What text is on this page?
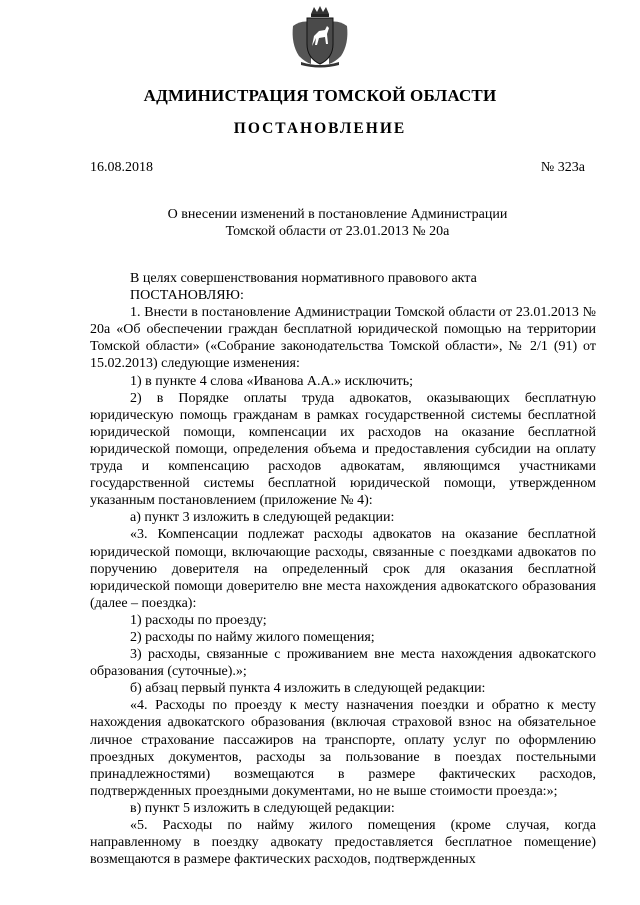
АДМИНИСТРАЦИЯ ТОМСКОЙ ОБЛАСТИ
ПОСТАНОВЛЕНИЕ
16.08.2018	№ 323а
О внесении изменений в постановление Администрации
Томской области от 23.01.2013 № 20а

В целях совершенствования нормативного правового акта

ПОСТАНОВЛЯЮ:

1. Внести в постановление Администрации Томской области от 23.01.2013 № 20а «Об обеспечении граждан бесплатной юридической помощью на территории Томской области» («Собрание законодательства Томской области», № 2/1 (91) от 15.02.2013) следующие изменения:

1) в пункте 4 слова «Иванова А.А.» исключить;

2) в Порядке оплаты труда адвокатов, оказывающих бесплатную юридическую помощь гражданам в рамках государственной системы бесплатной юридической помощи, компенсации их расходов на оказание бесплатной юридической помощи, определения объема и предоставления субсидии на оплату труда и компенсацию расходов адвокатам, являющимся участниками государственной системы бесплатной юридической помощи, утвержденном указанным постановлением (приложение № 4):

а) пункт 3 изложить в следующей редакции:

«3. Компенсации подлежат расходы адвокатов на оказание бесплатной юридической помощи, включающие расходы, связанные с поездками адвокатов по поручению доверителя на определенный срок для оказания бесплатной юридической помощи доверителю вне места нахождения адвокатского образования (далее – поездка):

1) расходы по проезду;

2) расходы по найму жилого помещения;

3) расходы, связанные с проживанием вне места нахождения адвокатского образования (суточные).»;

б) абзац первый пункта 4 изложить в следующей редакции:

«4. Расходы по проезду к месту назначения поездки и обратно к месту нахождения адвокатского образования (включая страховой взнос на обязательное личное страхование пассажиров на транспорте, оплату услуг по оформлению проездных документов, расходы за пользование в поездах постельными принадлежностями) возмещаются в размере фактических расходов, подтвержденных проездными документами, но не выше стоимости проезда:»;

в) пункт 5 изложить в следующей редакции:

«5. Расходы по найму жилого помещения (кроме случая, когда направленному в поездку адвокату предоставляется бесплатное помещение) возмещаются в размере фактических расходов, подтвержденных
